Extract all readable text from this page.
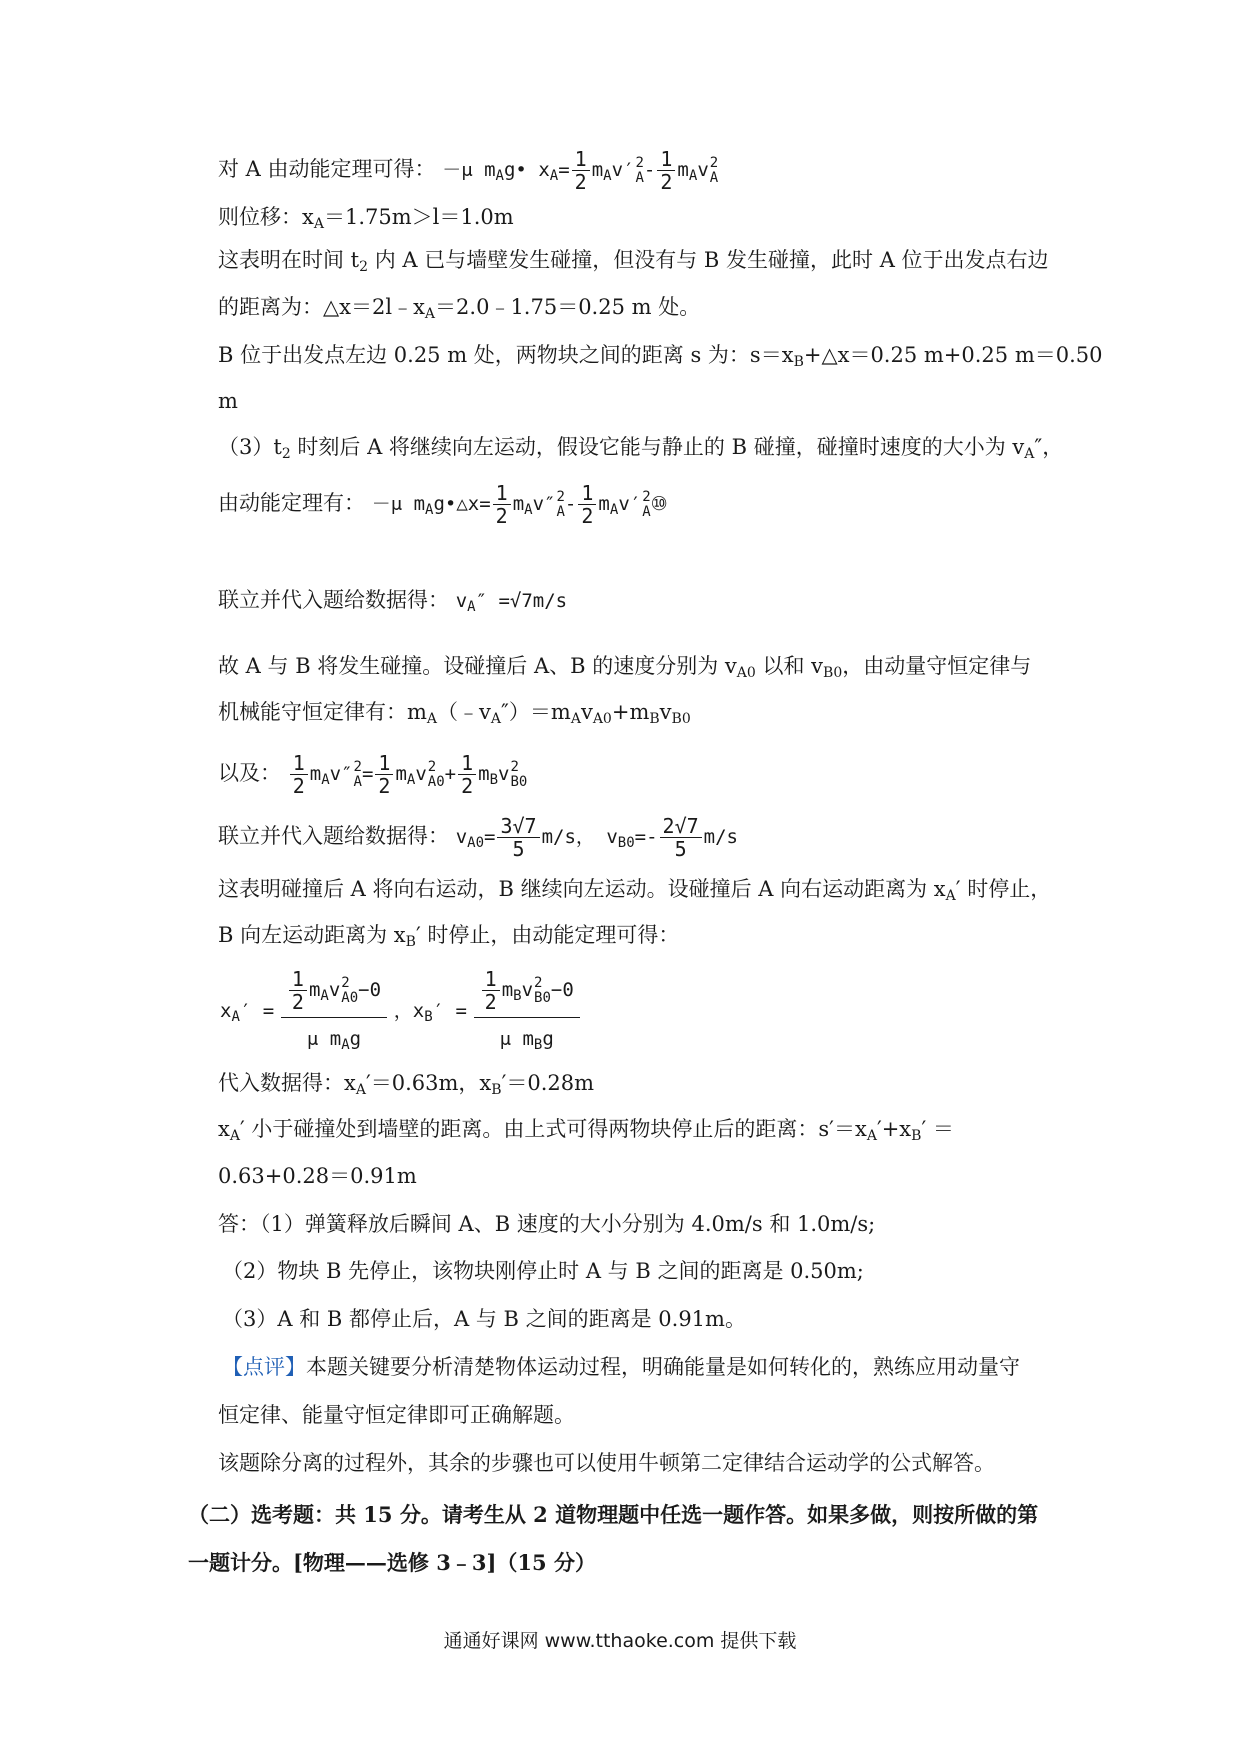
对 A 由动能定理可得： －μ $m_Ag•$ $x_A= \frac{1}{2} m_Av'$ 2
A - $\frac{1}{2} m_Av$ 2
A
则位移：$x_A=1.75m>l=1.0m$
这表明在时间 $t_2$ 内 A 已与墙壁发生碰撞，但没有与 B 发生碰撞，此时 A 位于出发点右边
的距离为：$\triangle x=2l﹣x_A=2.0﹣1.75=0.25$ m 处。
B 位于出发点左边 0.25 m 处，两物块之间的距离 s 为：$s=x_B+\triangle x=0.25$ m+0.25 m＝0.50
m
$(3)t_2$ 时刻后 A 将继续向左运动，假设它能与静止的 B 碰撞，碰撞时速度的大小为 $v_A''$，
由动能定理有： －μ $m_Ag•\triangle x= \frac{1}{2} m_Av''$ 2
A - $\frac{1}{2} m_Av'$ 2
A ⑩
联立并代入题给数据得： $v_A'' =√7m/s$
故 A 与 B 将发生碰撞。设碰撞后 A、B 的速度分别为 $v_{A0}$ 以和 $v_{B0}$，由动量守恒定律与
机械能守恒定律有：$m_A(﹣v_A'')=m_Av_{A0}+m_Bv_{B0}$
以及： $\frac{1}{2} m_Av''$ 2
$A = \frac{1}{2} m_Av$ 2
$A0 + \frac{1}{2} m_Bv$ 2
B0
联立并代入题给数据得： $v_{A0}= \frac{3√7}{5} m/s$， $v_{B0}=- \frac{2√7}{5} m/s$
这表明碰撞后 A 将向右运动，B 继续向左运动。设碰撞后 A 向右运动距离为 $x_A'$ 时停止，
B 向左运动距离为 $x_B'$ 时停止，由动能定理可得：
$x_A' = \frac{1}{2} m_Av$ 2
A0 −0
μ $m_Ag$
，$x_B' = \frac{1}{2} m_Bv$ 2
B0 −0
μ $m_Bg$
代入数据得：$x_A'=0.63m$，$x_B'=0.28m$
$x_A'$ 小于碰撞处到墙壁的距离。由上式可得两物块停止后的距离：$s'=x_A'+x_B'$ ＝
0.63+0.28＝0.91m
答：（1）弹簧释放后瞬间 A、B 速度的大小分别为 4.0m/s 和 1.0m/s;
（2）物块 B 先停止，该物块刚停止时 A 与 B 之间的距离是 0.50m;
（3）A 和 B 都停止后，A 与 B 之间的距离是 0.91m。
【点评】本题关键要分析清楚物体运动过程，明确能量是如何转化的，熟练应用动量守
恒定律、能量守恒定律即可正确解题。
该题除分离的过程外，其余的步骤也可以使用牛顿第二定律结合运动学的公式解答。
（二）选考题：共 15 分。请考生从 2 道物理题中任选一题作答。如果多做，则按所做的第
一题计分。[物理——选修 3﹣3]（15 分）
通通好课网 www.tthaoke.com 提供下载
